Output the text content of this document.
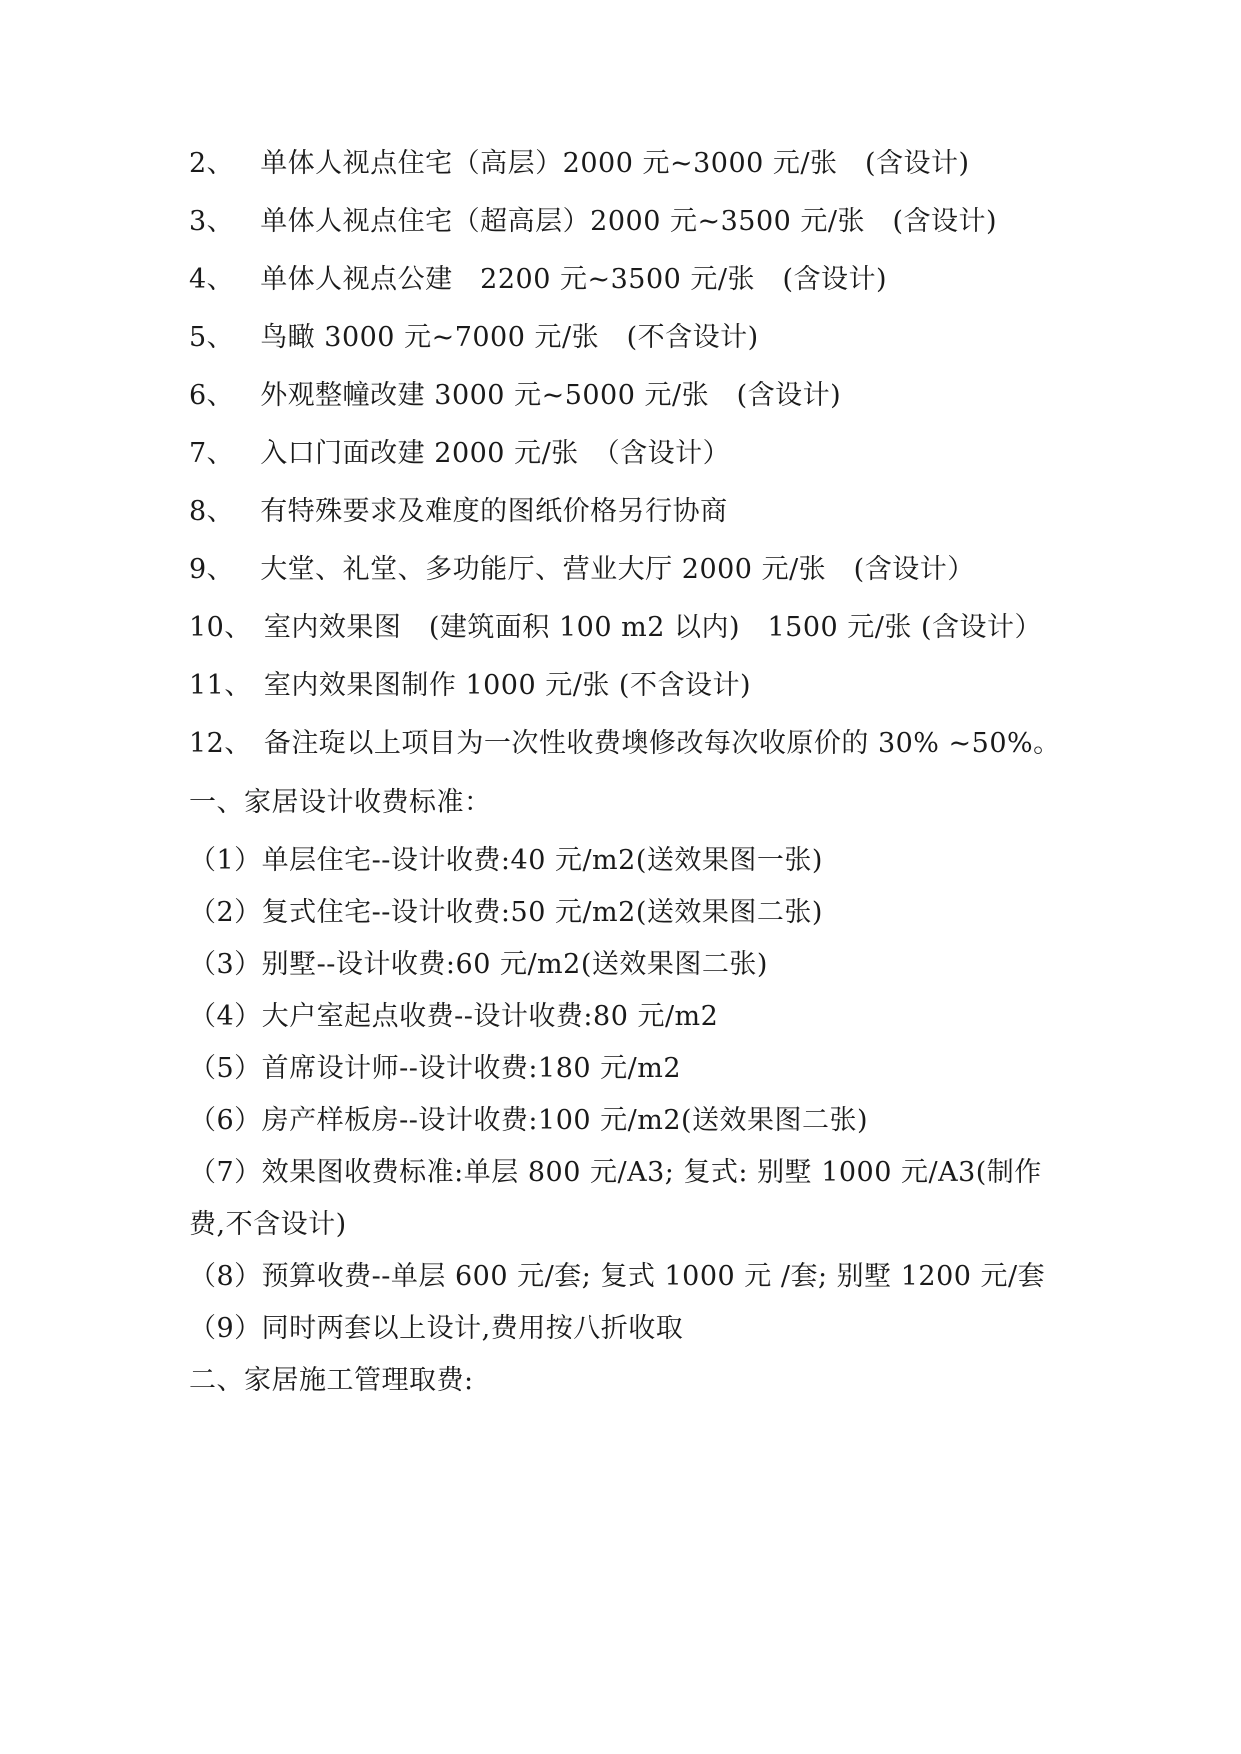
2、 单体人视点住宅（高层）2000 元~3000 元/张　(含设计)
3、 单体人视点住宅（超高层）2000 元~3500 元/张　(含设计)
4、 单体人视点公建　2200 元~3500 元/张　(含设计)
5、 鸟瞰 3000 元~7000 元/张　(不含设计)
6、 外观整幢改建 3000 元~5000 元/张　(含设计)
7、 入口门面改建 2000 元/张　（含设计）
8、 有特殊要求及难度的图纸价格另行协商
9、 大堂、礼堂、多功能厅、营业大厅 2000 元/张　(含设计）
10、 室内效果图　(建筑面积 100 m2 以内)　1500 元/张 (含设计）
11、 室内效果图制作 1000 元/张 (不含设计)
12、 备注琁以上项目为一次性收费墺修改每次收原价的 30% ~50%。
一、家居设计收费标准：
（1）单层住宅--设计收费:40 元/m2(送效果图一张)
（2）复式住宅--设计收费:50 元/m2(送效果图二张)
（3）别墅--设计收费:60 元/m2(送效果图二张)
（4）大户室起点收费--设计收费:80 元/m2
（5）首席设计师--设计收费:180 元/m2
（6）房产样板房--设计收费:100 元/m2(送效果图二张)
（7）效果图收费标准:单层 800 元/A3; 复式: 别墅 1000 元/A3(制作
费,不含设计)
（8）预算收费--单层 600 元/套; 复式 1000 元 /套; 别墅 1200 元/套
（9）同时两套以上设计,费用按八折收取
二、家居施工管理取费:
